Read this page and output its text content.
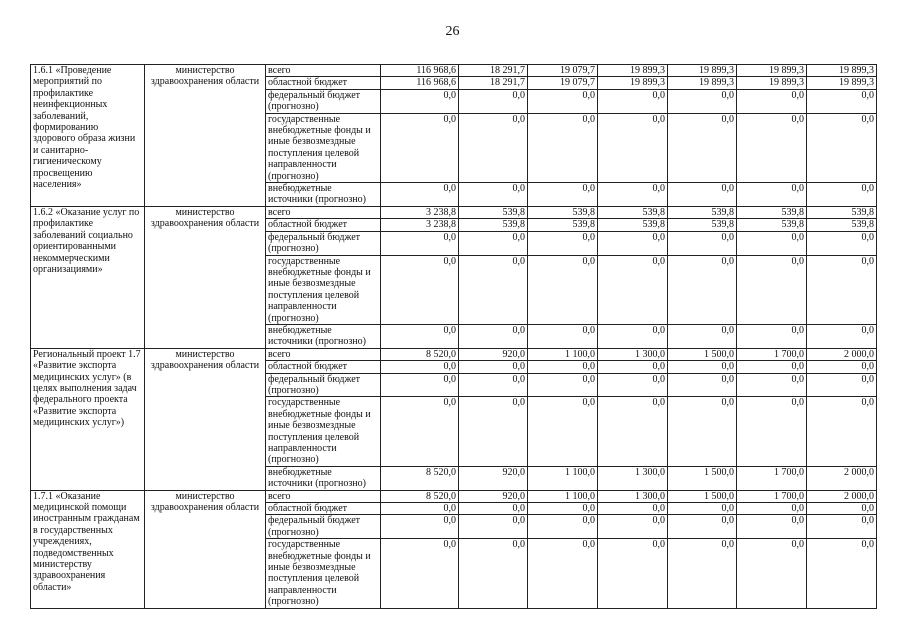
26
1.6.1 «Проведение мероприятий по профилактике неинфекционных заболеваний, формированию здорового образа жизни и санитарно-гигиеническому просвещению населения»	министерство здравоохранения области	всего	116 968,6	18 291,7	19 079,7	19 899,3	19 899,3	19 899,3	19 899,3
		областной бюджет	116 968,6	18 291,7	19 079,7	19 899,3	19 899,3	19 899,3	19 899,3
		федеральный бюджет (прогнозно)	0,0	0,0	0,0	0,0	0,0	0,0	0,0
		государственные внебюджетные фонды и иные безвозмездные поступления целевой направленности (прогнозно)	0,0	0,0	0,0	0,0	0,0	0,0	0,0
		внебюджетные источники (прогнозно)	0,0	0,0	0,0	0,0	0,0	0,0	0,0
1.6.2 «Оказание услуг по профилактике заболеваний социально ориентированными некоммерческими организациями»	министерство здравоохранения области	всего	3 238,8	539,8	539,8	539,8	539,8	539,8	539,8
		областной бюджет	3 238,8	539,8	539,8	539,8	539,8	539,8	539,8
		федеральный бюджет (прогнозно)	0,0	0,0	0,0	0,0	0,0	0,0	0,0
		государственные внебюджетные фонды и иные безвозмездные поступления целевой направленности (прогнозно)	0,0	0,0	0,0	0,0	0,0	0,0	0,0
		внебюджетные источники (прогнозно)	0,0	0,0	0,0	0,0	0,0	0,0	0,0
Региональный проект 1.7 «Развитие экспорта медицинских услуг» (в целях выполнения задач федерального проекта «Развитие экспорта медицинских услуг»)	министерство здравоохранения области	всего	8 520,0	920,0	1 100,0	1 300,0	1 500,0	1 700,0	2 000,0
		областной бюджет	0,0	0,0	0,0	0,0	0,0	0,0	0,0
		федеральный бюджет (прогнозно)	0,0	0,0	0,0	0,0	0,0	0,0	0,0
		государственные внебюджетные фонды и иные безвозмездные поступления целевой направленности (прогнозно)	0,0	0,0	0,0	0,0	0,0	0,0	0,0
		внебюджетные источники (прогнозно)	8 520,0	920,0	1 100,0	1 300,0	1 500,0	1 700,0	2 000,0
1.7.1 «Оказание медицинской помощи иностранным гражданам в государственных учреждениях, подведомственных министерству здравоохранения области»	министерство здравоохранения области	всего	8 520,0	920,0	1 100,0	1 300,0	1 500,0	1 700,0	2 000,0
		областной бюджет	0,0	0,0	0,0	0,0	0,0	0,0	0,0
		федеральный бюджет (прогнозно)	0,0	0,0	0,0	0,0	0,0	0,0	0,0
		государственные внебюджетные фонды и иные безвозмездные поступления целевой направленности (прогнозно)	0,0	0,0	0,0	0,0	0,0	0,0	0,0
